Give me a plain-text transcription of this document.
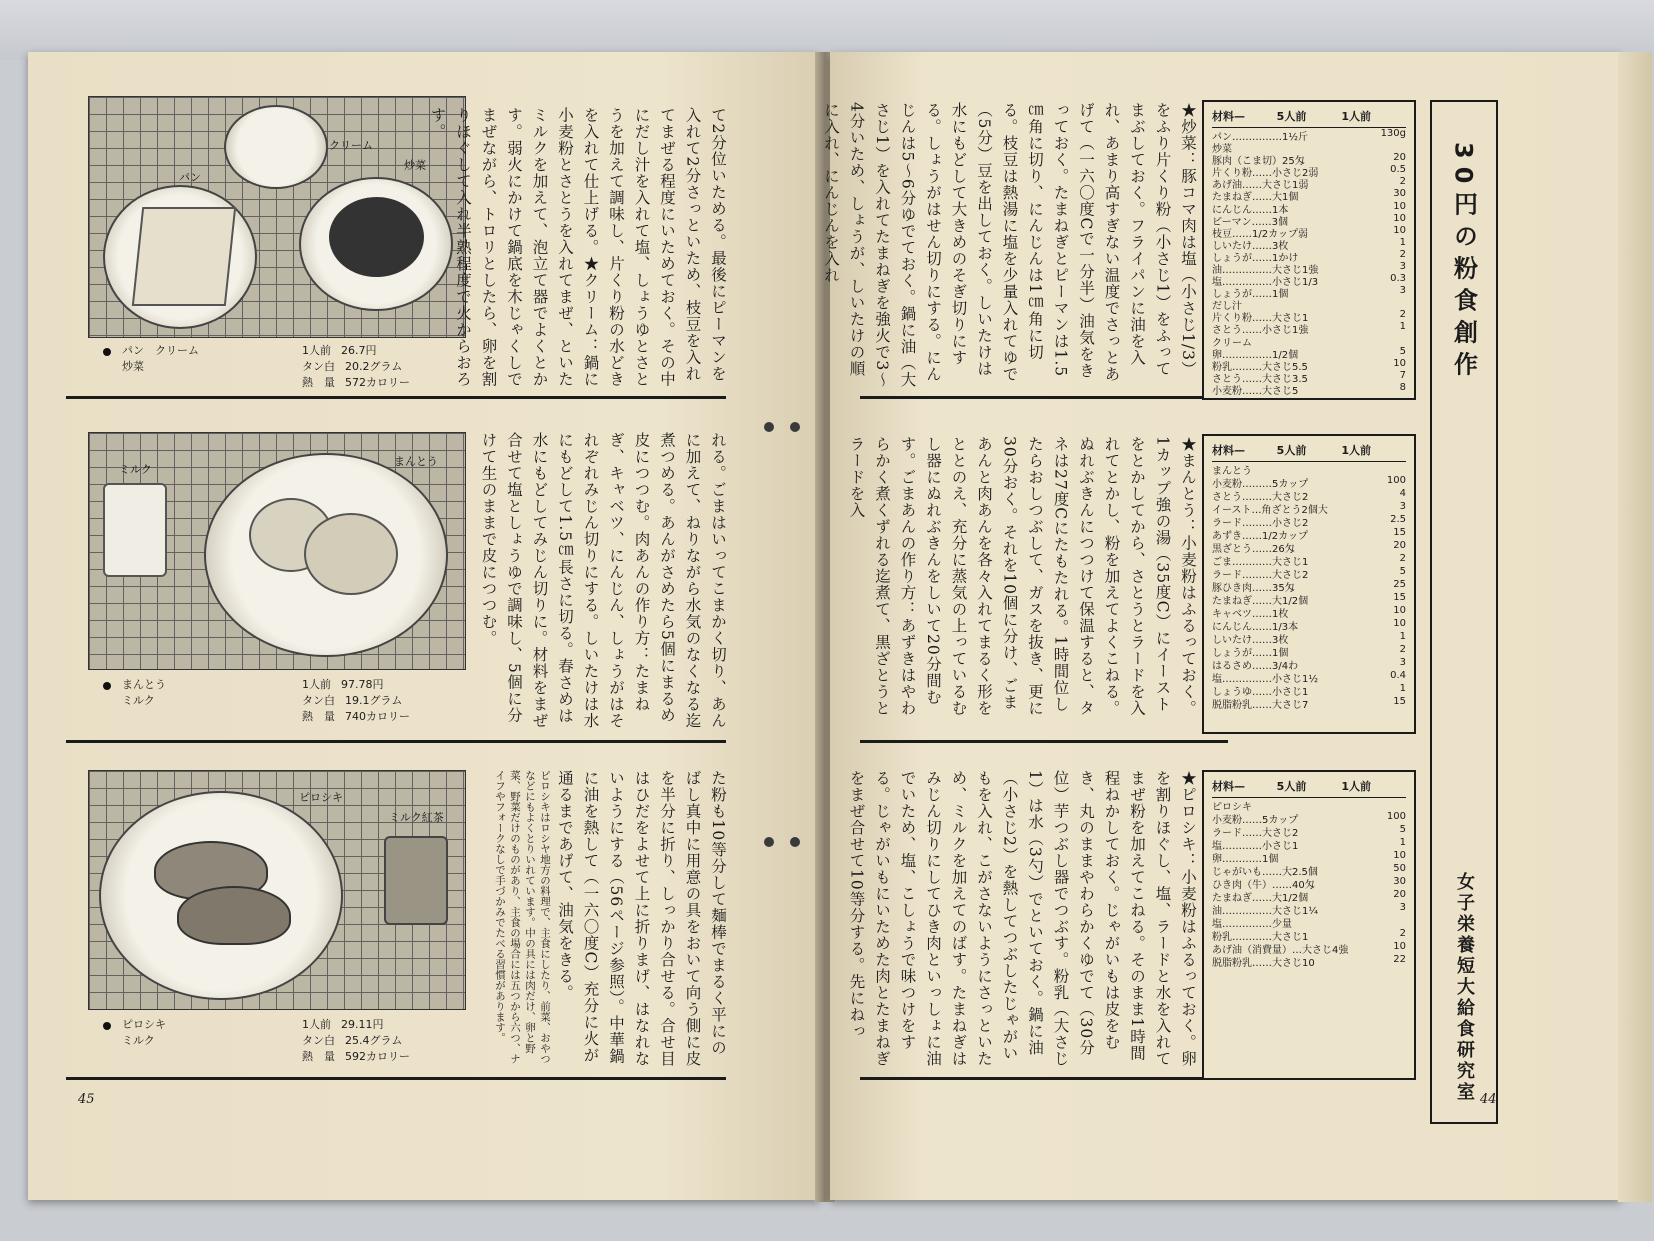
パン
クリーム
炒菜
パン　クリーム	1人前 26.7円
炒菜	タン白 20.2グラム
熱　量 572カロリー
て2分位いためる。最後にピーマンを入れて2分さっといため、枝豆を入れてまぜる程度にいためておく。その中にだし汁を入れて塩、しょうゆとさとうを加えて調味し、片くり粉の水どきを入れて仕上げる。★クリーム：鍋に小麦粉とさとうを入れてまぜ、といたミルクを加えて、泡立て器でよくとかす。弱火にかけて鍋底を木じゃくしでまぜながら、トロリとしたら、卵を割りほぐして入れ半熟程度で火からおろす。
ミルク
まんとう
まんとう	1人前 97.78円
ミルク	タン白 19.1グラム
熱　量 740カロリー	れる。ごまはいってこまかく切り、あんに加えて、ねりながら水気のなくなる迄煮つめる。あんがさめたら5個にまるめ皮につつむ。肉あんの作り方：たまねぎ、キャベツ、にんじん、しょうがはそれぞれみじん切りにする。しいたけは水にもどして1.5㎝長さに切る。春さめは水にもどしてみじん切りに。材料をまぜ合せて塩としょうゆで調味し、5個に分けて生のままで皮につつむ。
ピロシキ
ミルク紅茶
ピロシキ	1人前 29.11円
ミルク	タン白 25.4グラム
熱　量 592カロリー	ピロシキはロシヤ地方の料理で、主食にしたり、前菜、おやつなどにもよくとりいれています。中の具には肉だけ、卵と野菜、野菜だけのものがあり、主食の場合には五つから六つ、ナイフやフォークなしで手づかみでたべる習慣があります。	た粉も10等分して麺棒でまるく平にのばし真中に用意の具をおいて向う側に皮を半分に折り、しっかり合せる。合せ目はひだをよせて上に折りまげ、はなれないようにする（56ページ参照）。中華鍋に油を熱して（一六〇度C）充分に火が通るまであげて、油気をきる。
45
★炒菜：豚コマ肉は塩（小さじ1/3）をふり片くり粉（小さじ1）をふってまぶしておく。フライパンに油を入れ、あまり高すぎない温度でさっとあげて（一六〇度Cで一分半）油気をきっておく。たまねぎとピーマンは1.5㎝角に切り、にんじんは1㎝角に切る。枝豆は熱湯に塩を少量入れてゆで（5分）豆を出しておく。しいたけは水にもどして大きめのそぎ切りにする。しょうがはせん切りにする。にんじんは5〜6分ゆでておく。鍋に油（大さじ1）を入れてたまねぎを強火で3〜4分いため、しょうが、しいたけの順に入れ、にんじんを入れ
★まんとう：小麦粉はふるっておく。1カップ強の湯（35度C）にイーストをとかしてから、さとうとラードを入れてとかし、粉を加えてよくこねる。ぬれぶきんにつつけて保温すると、タネは27度Cにたもたれる。1時間位したらおしつぶして、ガスを抜き、更に30分おく。それを10個に分け、ごまあんと肉あんを各々入れてまるく形をととのえ、充分に蒸気の上っているむし器にぬれぶきんをしいて20分間むす。ごまあんの作り方：あずきはやわらかく煮くずれる迄煮て、黒ざとうとラードを入
★ピロシキ：小麦粉はふるっておく。卵を割りほぐし、塩、ラードと水を入れてまぜ粉を加えてこねる。そのまま1時間程ねかしておく。じゃがいもは皮をむき、丸のままやわらかくゆでて（30分位）芋つぶし器でつぶす。粉乳（大さじ1）は水（3勺）でといておく。鍋に油（小さじ2）を熱してつぶしたじゃがいもを入れ、こがさないようにさっといため、ミルクを加えてのばす。たまねぎはみじん切りにしてひき肉といっしょに油でいため、塩、こしょうで味つけをする。じゃがいもにいためた肉とたまねぎをまぜ合せて10等分する。先にねっ
材料—	5人前	1人前
パン……………1½斤	130g
炒菜
豚肉（こま切）25匁	20
片くり粉……小さじ2弱	0.5
あげ油……大さじ1弱	2
たまねぎ……大1個	30
にんじん……1本	10
ピーマン……3個	10
枝豆……1/2カップ弱	10
しいたけ……3枚	1
しょうが……1かけ	2
油……………大さじ1強	3
塩……………小さじ1/3	0.3
しょうが……1個	3
だし汁
片くり粉……大さじ1	2
さとう……小さじ1強	1
クリーム
卵……………1/2個	5
粉乳………大さじ5.5	10
さとう……大さじ3.5	7
小麦粉……大さじ5	8
材料—	5人前	1人前
まんとう
小麦粉………5カップ	100
さとう………大さじ2	4
イースト…角ざとう2個大	3
ラード………小さじ2	2.5
あずき……1/2カップ	15
黒ざとう……26匁	20
ごま…………大さじ1	2
ラード………大さじ2	5
豚ひき肉……35匁	25
たまねぎ……大1/2個	15
キャベツ……1枚	10
にんじん……1/3本	10
しいたけ……3枚	1
しょうが……1個	2
はるさめ……3/4わ	3
塩……………小さじ1½	0.4
しょうゆ……小さじ1	1
脱脂粉乳……大さじ7	15
材料—	5人前	1人前
ピロシキ
小麦粉……5カップ	100
ラード……大さじ2	5
塩…………小さじ1	1
卵…………1個	10
じゃがいも……大2.5個	50
ひき肉（牛）……40匁	30
たまねぎ……大1/2個	20
油……………大さじ1¼	3
塩……………少量
粉乳…………大さじ1	2
あげ油（消費量）…大さじ4強	10
脱脂粉乳……大さじ10	22
30円の粉食創作
女子栄養短大給食研究室 44
